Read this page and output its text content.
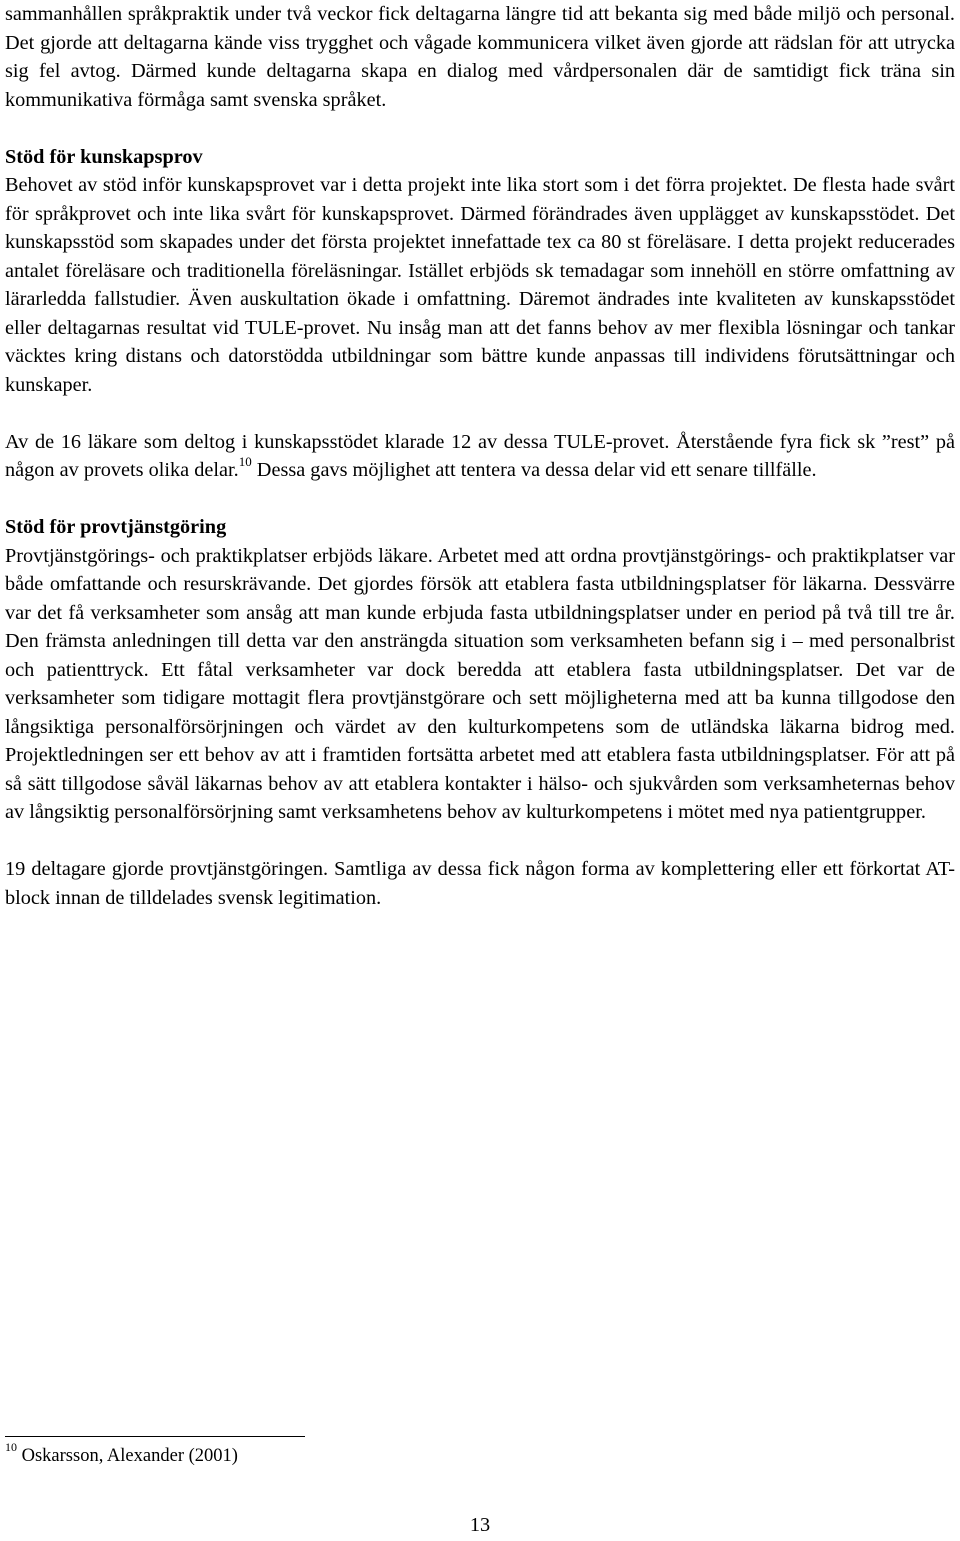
sammanhållen språkpraktik under två veckor fick deltagarna längre tid att bekanta sig med både miljö och personal. Det gjorde att deltagarna kände viss trygghet och vågade kommunicera vilket även gjorde att rädslan för att utrycka sig fel avtog. Därmed kunde deltagarna skapa en dialog med vårdpersonalen där de samtidigt fick träna sin kommunikativa förmåga samt svenska språket.

Stöd för kunskapsprov

Behovet av stöd inför kunskapsprovet var i detta projekt inte lika stort som i det förra projektet. De flesta hade svårt för språkprovet och inte lika svårt för kunskapsprovet. Därmed förändrades även upplägget av kunskapsstödet. Det kunskapsstöd som skapades under det första projektet innefattade tex ca 80 st föreläsare. I detta projekt reducerades antalet föreläsare och traditionella föreläsningar. Istället erbjöds sk temadagar som innehöll en större omfattning av lärarledda fallstudier. Även auskultation ökade i omfattning. Däremot ändrades inte kvaliteten av kunskapsstödet eller deltagarnas resultat vid TULE-provet. Nu insåg man att det fanns behov av mer flexibla lösningar och tankar väcktes kring distans och datorstödda utbildningar som bättre kunde anpassas till individens förutsättningar och kunskaper.

Av de 16 läkare som deltog i kunskapsstödet klarade 12 av dessa TULE-provet. Återstående fyra fick sk ”rest” på någon av provets olika delar.$^{10}$ Dessa gavs möjlighet att tentera va dessa delar vid ett senare tillfälle.

Stöd för provtjänstgöring

Provtjänstgörings- och praktikplatser erbjöds läkare. Arbetet med att ordna provtjänstgörings- och praktikplatser var både omfattande och resurskrävande. Det gjordes försök att etablera fasta utbildningsplatser för läkarna. Dessvärre var det få verksamheter som ansåg att man kunde erbjuda fasta utbildningsplatser under en period på två till tre år. Den främsta anledningen till detta var den ansträngda situation som verksamheten befann sig i – med personalbrist och patienttryck. Ett fåtal verksamheter var dock beredda att etablera fasta utbildningsplatser. Det var de verksamheter som tidigare mottagit flera provtjänstgörare och sett möjligheterna med att ba kunna tillgodose den långsiktiga personalförsörjningen och värdet av den kulturkompetens som de utländska läkarna bidrog med. Projektledningen ser ett behov av att i framtiden fortsätta arbetet med att etablera fasta utbildningsplatser. För att på så sätt tillgodose såväl läkarnas behov av att etablera kontakter i hälso- och sjukvården som verksamheternas behov av långsiktig personalförsörjning samt verksamhetens behov av kulturkompetens i mötet med nya patientgrupper.

19 deltagare gjorde provtjänstgöringen. Samtliga av dessa fick någon forma av komplettering eller ett förkortat AT-block innan de tilldelades svensk legitimation.

$^{10}$ Oskarsson, Alexander (2001)
13
